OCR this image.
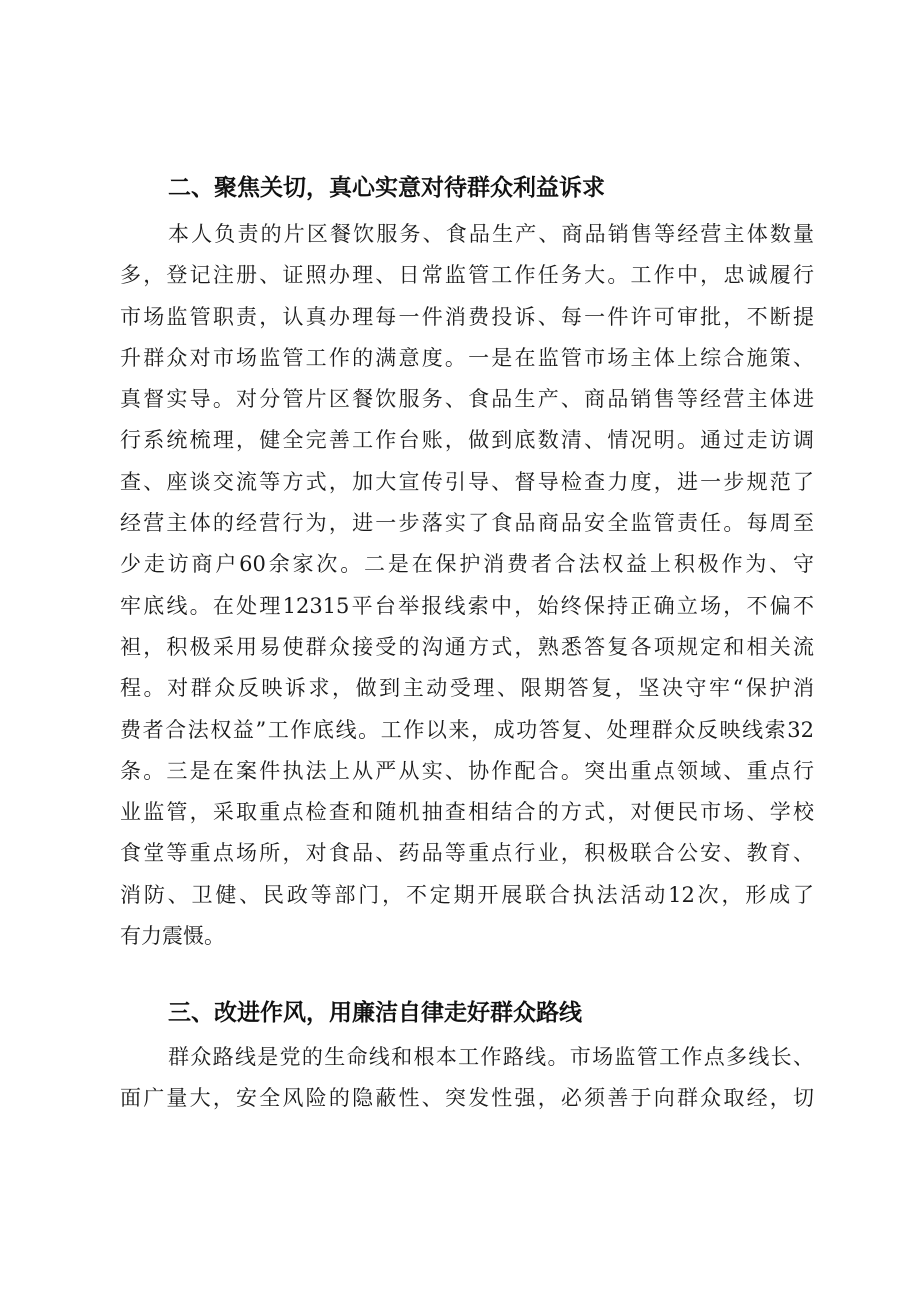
二、聚焦关切，真心实意对待群众利益诉求
本人负责的片区餐饮服务、食品生产、商品销售等经营主体数量
多，登记注册、证照办理、日常监管工作任务大。工作中，忠诚履行
市场监管职责，认真办理每一件消费投诉、每一件许可审批，不断提
升群众对市场监管工作的满意度。一是在监管市场主体上综合施策、
真督实导。对分管片区餐饮服务、食品生产、商品销售等经营主体进
行系统梳理，健全完善工作台账，做到底数清、情况明。通过走访调
查、座谈交流等方式，加大宣传引导、督导检查力度，进一步规范了
经营主体的经营行为，进一步落实了食品商品安全监管责任。每周至
少走访商户60余家次。二是在保护消费者合法权益上积极作为、守
牢底线。在处理12315平台举报线索中，始终保持正确立场，不偏不
袒，积极采用易使群众接受的沟通方式，熟悉答复各项规定和相关流
程。对群众反映诉求，做到主动受理、限期答复，坚决守牢“保护消
费者合法权益”工作底线。工作以来，成功答复、处理群众反映线索32
条。三是在案件执法上从严从实、协作配合。突出重点领域、重点行
业监管，采取重点检查和随机抽查相结合的方式，对便民市场、学校
食堂等重点场所，对食品、药品等重点行业，积极联合公安、教育、
消防、卫健、民政等部门，不定期开展联合执法活动12次，形成了
有力震慑。
三、改进作风，用廉洁自律走好群众路线
群众路线是党的生命线和根本工作路线。市场监管工作点多线长、
面广量大，安全风险的隐蔽性、突发性强，必须善于向群众取经，切
